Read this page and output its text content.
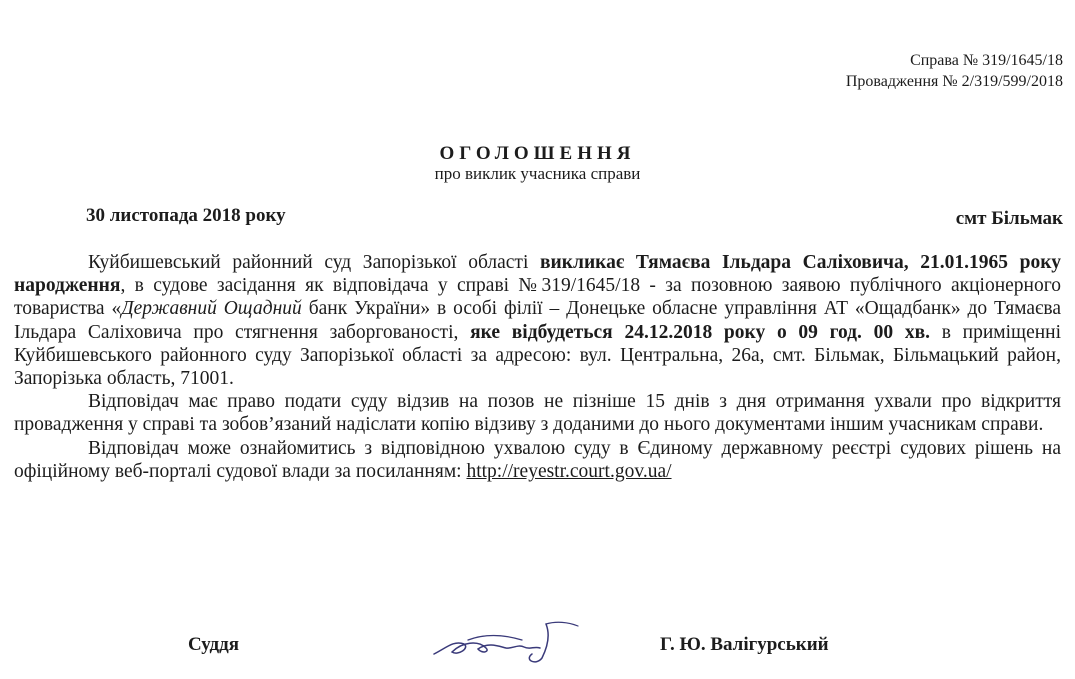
Справа № 319/1645/18
Провадження № 2/319/599/2018
ОГОЛОШЕННЯ
про виклик учасника справи
30 листопада 2018 року	смт Більмак

Куйбишевський районний суд Запорізької області викликає Тямаєва Ільдара Саліховича, 21.01.1965 року народження, в судове засідання як відповідача у справі №319/1645/18 - за позовною заявою публічного акціонерного товариства «Державний Ощадний банк України» в особі філії – Донецьке обласне управління АТ «Ощадбанк» до Тямаєва Ільдара Саліховича про стягнення заборгованості, яке відбудеться 24.12.2018 року о 09 год. 00 хв. в приміщенні Куйбишевського районного суду Запорізької області за адресою: вул. Центральна, 26а, смт. Більмак, Більмацький район, Запорізька область, 71001.

Відповідач має право подати суду відзив на позов не пізніше 15 днів з дня отримання ухвали про відкриття провадження у справі та зобов’язаний надіслати копію відзиву з доданими до нього документами іншим учасникам справи.

Відповідач може ознайомитись з відповідною ухвалою суду в Єдиному державному реєстрі судових рішень на офіційному веб-порталі судової влади за посиланням: http://reyestr.court.gov.ua/

Суддя	Г. Ю. Валігурський
